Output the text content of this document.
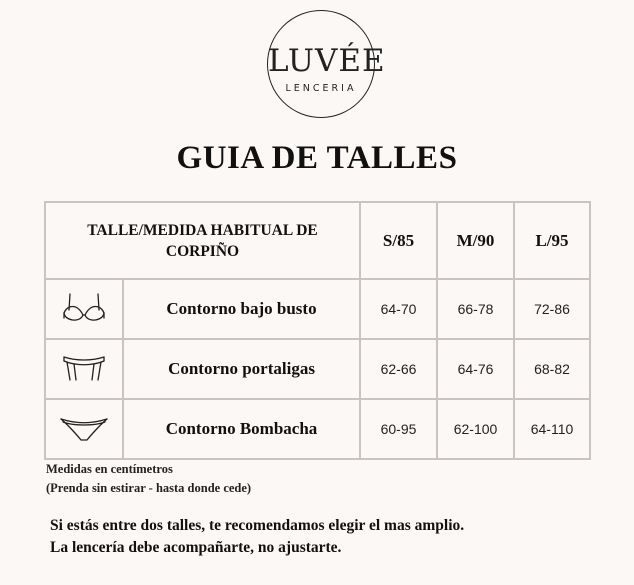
LUVÉE
LENCERIA
GUIA DE TALLES
TALLE/MEDIDA HABITUAL DE CORPIÑO		S/85	M/90	L/95

	Contorno bajo busto	64-70	66-78	72-86

	Contorno portaligas	62-66	64-76	68-82

	Contorno Bombacha	60-95	62-100	64-110
Medidas en centímetros
(Prenda sin estirar - hasta donde cede)
Si estás entre dos talles, te recomendamos elegir el mas amplio.
La lencería debe acompañarte, no ajustarte.
